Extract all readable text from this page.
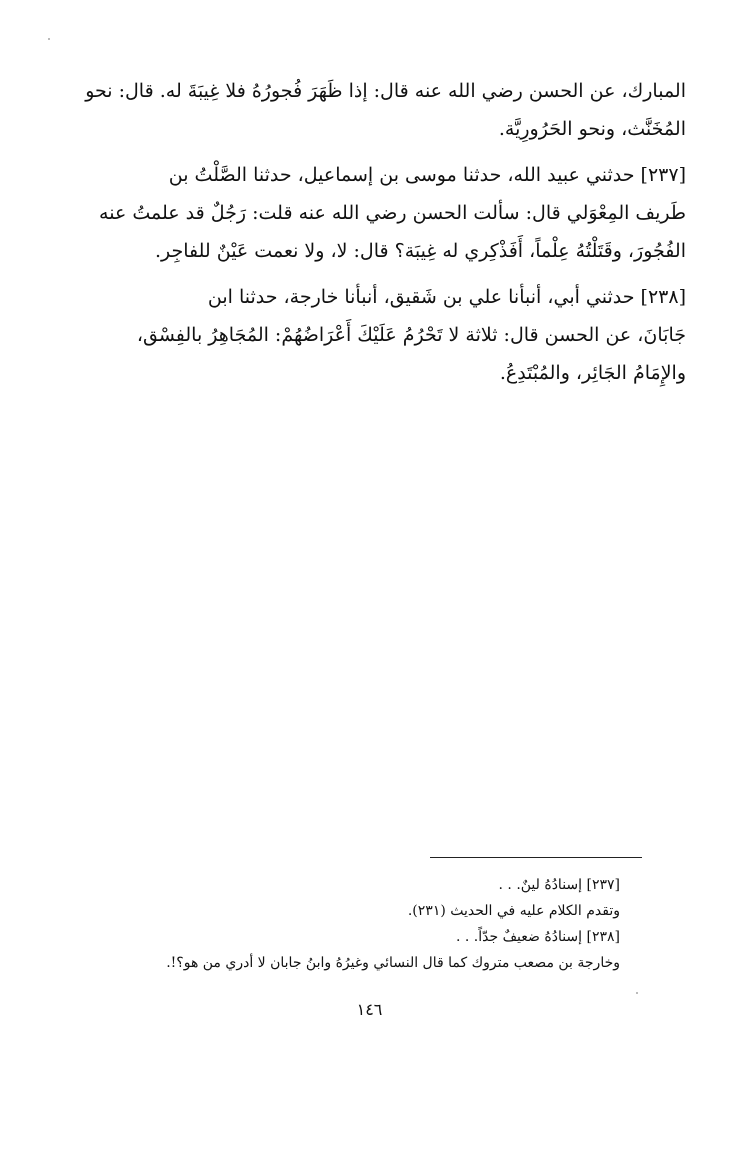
المبارك، عن الحسن رضي الله عنه قال: إذا ظَهَرَ فُجورُهُ فلا غِيبَةَ له. قال: نحو

المُخَنَّث، ونحو الحَرُورِيَّة.

[٢٣٧] حدثني عبيد الله، حدثنا موسى بن إسماعيل، حدثنا الصَّلْتُ بن

طَريف المِعْوَلي قال: سألت الحسن رضي الله عنه قلت: رَجُلٌ قد علمتُ عنه

الفُجُورَ، وقَتَلْتُهُ عِلْماً، أَفَذْكِري له غِيبَة؟ قال: لا، ولا نعمت عَيْنٌ للفاجِر.

[٢٣٨] حدثني أبي، أنبأنا علي بن شَقيق، أنبأنا خارجة، حدثنا ابن

جَابَانَ، عن الحسن قال: ثلاثة لا تَحْرُمُ عَلَيْكَ أَعْرَاضُهُمْ: المُجَاهِرُ بالفِسْق،

والإِمَامُ الجَائِر، والمُبْتَدِعُ.

[٢٣٧] إسنادُهُ لينٌ. . .

وتقدم الكلام عليه في الحديث (٢٣١).

[٢٣٨] إسنادُهُ ضعيفٌ جدّاً. . .

وخارجة بن مصعب متروك كما قال النسائي وغيرُهُ وابنُ جابان لا أدري من هو؟!.

١٤٦
